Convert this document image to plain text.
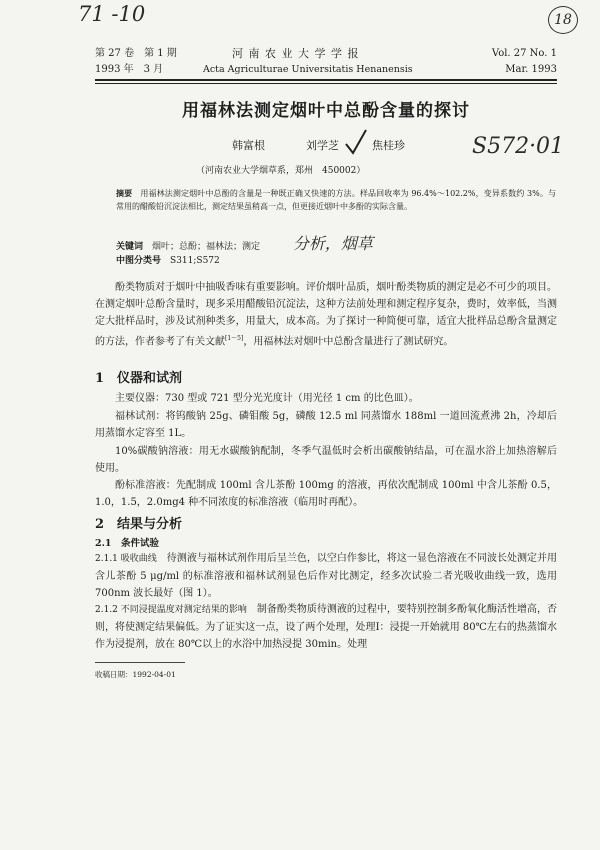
71 -10	18
第 27 卷　第 1 期	河 南 农 业 大 学 学 报	Vol. 27 No. 1
1993 年　3 月	Acta Agriculturae Universitatis Henanensis	Mar. 1993
用福林法测定烟叶中总酚含量的探讨
韩富根	刘学芝	焦桂珍	S572·01
（河南农业大学烟草系，郑州　450002）
摘要　 用福林法测定烟叶中总酚的含量是一种既正确又快速的方法。样品回收率为 96.4%～102.2%，变异系数约 3%。与常用的醋酸铅沉淀法相比，测定结果虽稍高一点，但更接近烟叶中多酚的实际含量。
关键词　 烟叶；总酚；福林法；测定 分析，烟草
中图分类号　 S311;S572
酚类物质对于烟叶中抽吸香味有重要影响。评价烟叶品质，烟叶酚类物质的测定是必不可少的项目。在测定烟叶总酚含量时，现多采用醋酸铅沉淀法，这种方法前处理和测定程序复杂，费时，效率低，当测定大批样品时，涉及试剂种类多，用量大，成本高。为了探讨一种简便可靠，适宜大批样品总酚含量测定的方法，作者参考了有关文献[1～5]，用福林法对烟叶中总酚含量进行了测试研究。
1　仪器和试剂
主要仪器：730 型或 721 型分光光度计（用光径 1 cm 的比色皿）。
福林试剂：将钨酸钠 25g、磷钼酸 5g，磷酸 12.5 ml 同蒸馏水 188ml 一道回流煮沸 2h，冷却后用蒸馏水定容至 1L。
10%碳酸钠溶液：用无水碳酸钠配制，冬季气温低时会析出碳酸钠结晶，可在温水浴上加热溶解后使用。
酚标准溶液：先配制成 100ml 含儿茶酚 100mg 的溶液，再依次配制成 100ml 中含儿茶酚 0.5，1.0，1.5，2.0mg4 种不同浓度的标准溶液（临用时再配）。
2　结果与分析
2.1　条件试验
2.1.1 吸收曲线　待测液与福林试剂作用后呈兰色，以空白作参比，将这一显色溶液在不同波长处测定并用含儿茶酚 5 μg/ml 的标准溶液和福林试剂显色后作对比测定，经多次试验二者光吸收曲线一致，选用 700nm 波长最好（图 1）。
2.1.2 不同浸提温度对测定结果的影响　制备酚类物质待测液的过程中，要特别控制多酚氧化酶活性增高，否则，将使测定结果偏低。为了证实这一点，设了两个处理，处理Ⅰ：浸提一开始就用 80℃左右的热蒸馏水作为浸提剂，放在 80℃以上的水浴中加热浸提 30min。处理
收稿日期：1992-04-01
